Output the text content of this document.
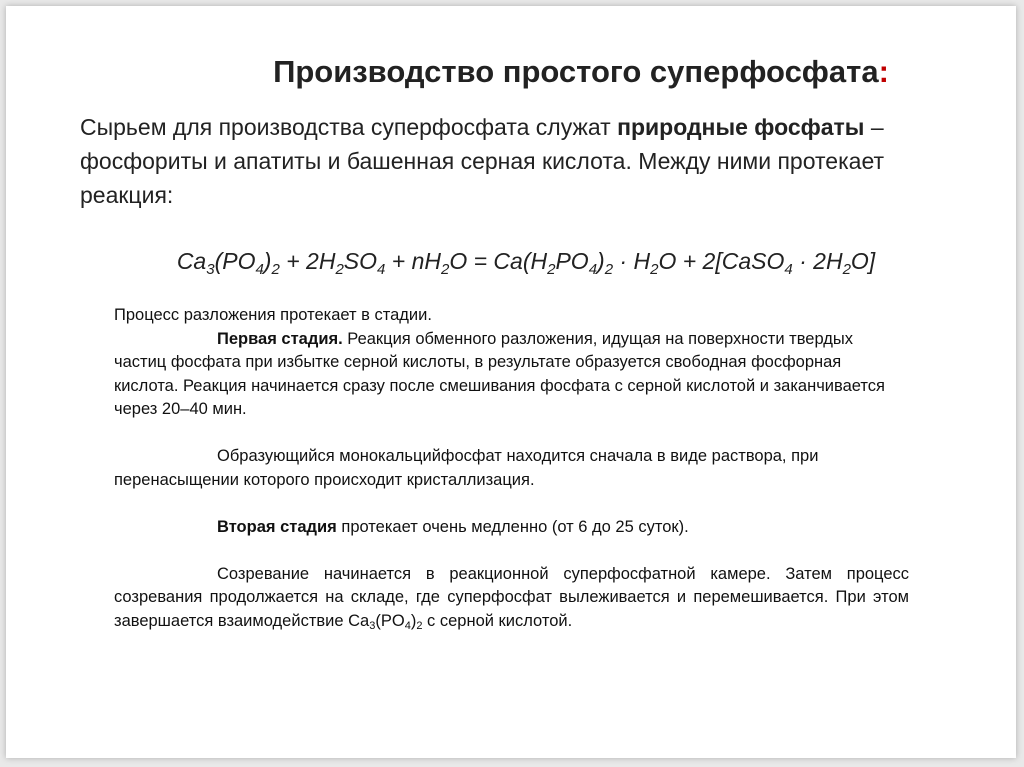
Производство простого суперфосфата:
Сырьем для производства суперфосфата служат природные фосфаты – фосфориты и апатиты и башенная серная кислота. Между ними протекает реакция:
$Ca_3(PO_4)_2 + 2H_2SO_4 + nH_2O = Ca(H_2PO_4)_2 \cdot H_2O$ + 2[CaSO$_4$ · $2H_2O$]

Процесс разложения протекает в стадии.

Первая стадия. Реакция обменного разложения, идущая на поверхности твердых частиц фосфата при избытке серной кислоты, в результате образуется свободная фосфорная кислота. Реакция начинается сразу после смешивания фосфата с серной кислотой и заканчивается через 20–40 мин.

Образующийся монокальцийфосфат находится сначала в виде раствора, при перенасыщении которого происходит кристаллизация.

Вторая стадия протекает очень медленно (от 6 до 25 суток).

Созревание начинается в реакционной суперфосфатной камере. Затем процесс созревания продолжается на складе, где суперфосфат вылеживается и перемешивается. При этом завершается взаимодействие $Ca_3(PO_4)_2$ с серной кислотой.
